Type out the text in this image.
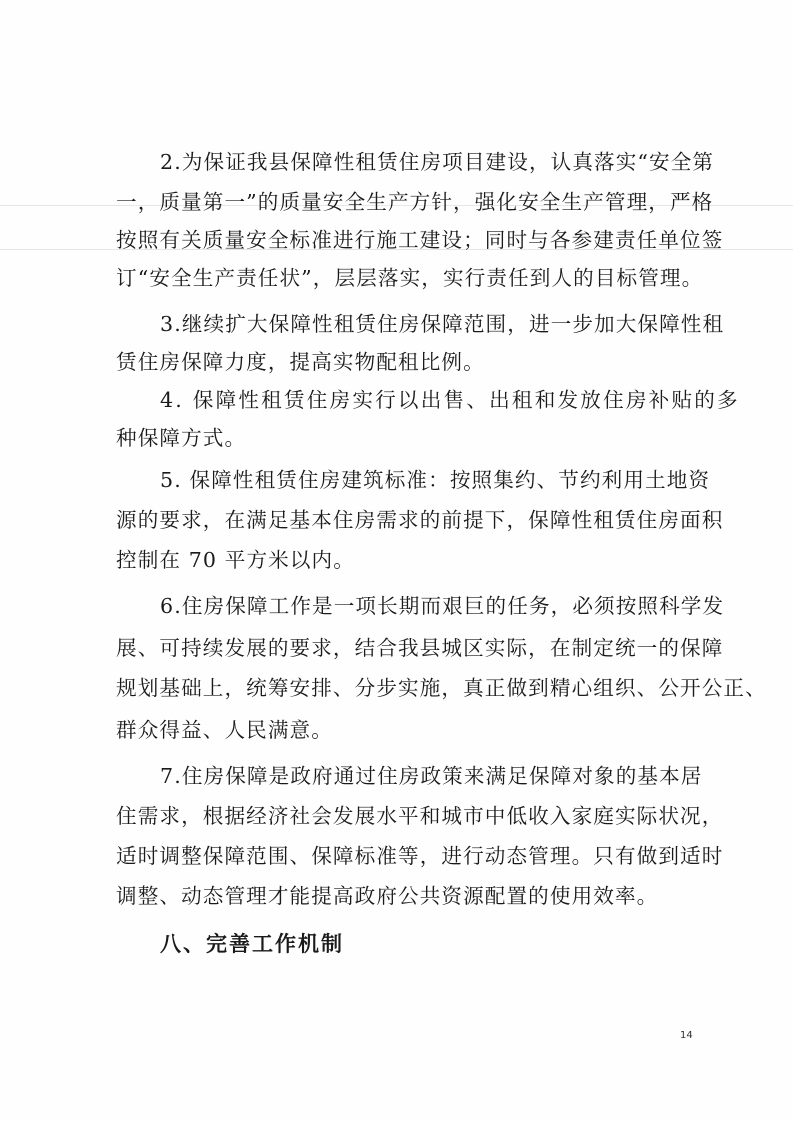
2.为保证我县保障性租赁住房项目建设，认真落实“安全第
一，质量第一”的质量安全生产方针，强化安全生产管理，严格
按照有关质量安全标准进行施工建设；同时与各参建责任单位签
订“安全生产责任状”，层层落实，实行责任到人的目标管理。
3.继续扩大保障性租赁住房保障范围，进一步加大保障性租
赁住房保障力度，提高实物配租比例。
4. 保障性租赁住房实行以出售、出租和发放住房补贴的多
种保障方式。
5. 保障性租赁住房建筑标准：按照集约、节约利用土地资
源的要求，在满足基本住房需求的前提下，保障性租赁住房面积
控制在 70 平方米以内。
6.住房保障工作是一项长期而艰巨的任务，必须按照科学发
展、可持续发展的要求，结合我县城区实际，在制定统一的保障
规划基础上，统筹安排、分步实施，真正做到精心组织、公开公正、
群众得益、人民满意。
7.住房保障是政府通过住房政策来满足保障对象的基本居
住需求，根据经济社会发展水平和城市中低收入家庭实际状况，
适时调整保障范围、保障标准等，进行动态管理。只有做到适时
调整、动态管理才能提高政府公共资源配置的使用效率。
八、完善工作机制
14
